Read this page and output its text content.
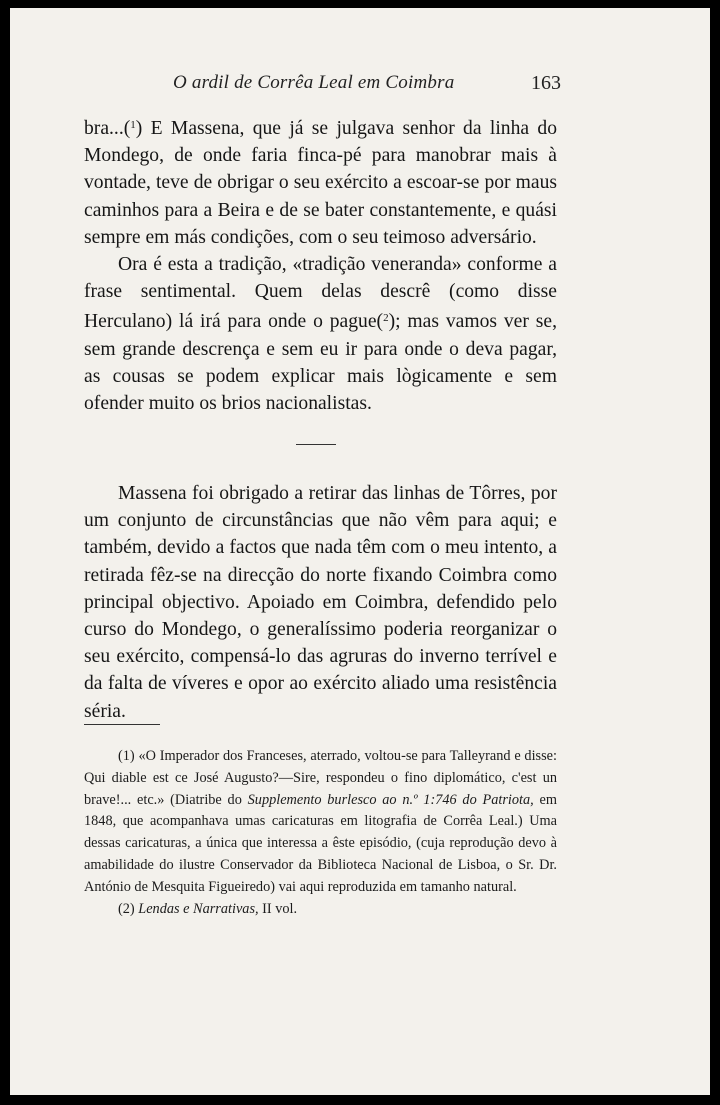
O ardil de Corrêa Leal em Coimbra	163

bra...($^1$) E Massena, que já se julgava senhor da linha do Mondego, de onde faria finca-pé para manobrar mais à vontade, teve de obrigar o seu exército a escoar-se por maus caminhos para a Beira e de se bater constantemente, e quási sempre em más condições, com o seu teimoso adversário.

Ora é esta a tradição, «tradição veneranda» conforme a frase sentimental. Quem delas descrê (como disse Herculano) lá irá para onde o pague($^2$); mas vamos ver se, sem grande descrença e sem eu ir para onde o deva pagar, as cousas se podem explicar mais lògicamente e sem ofender muito os brios nacionalistas.

Massena foi obrigado a retirar das linhas de Tôrres, por um conjunto de circunstâncias que não vêm para aqui; e também, devido a factos que nada têm com o meu intento, a retirada fêz-se na direcção do norte fixando Coimbra como principal objectivo. Apoiado em Coimbra, defendido pelo curso do Mondego, o generalíssimo poderia reorganizar o seu exército, compensá-lo das agruras do inverno terrível e da falta de víveres e opor ao exército aliado uma resistência séria.

(1) «O Imperador dos Franceses, aterrado, voltou-se para Talleyrand e disse: Qui diable est ce José Augusto?—Sire, respondeu o fino diplomático, c'est un brave!... etc.» (Diatribe do Supplemento burlesco ao n.º 1:746 do Patriota, em 1848, que acompanhava umas caricaturas em litografia de Corrêa Leal.) Uma dessas caricaturas, a única que interessa a êste episódio, (cuja reprodução devo à amabilidade do ilustre Conservador da Biblioteca Nacional de Lisboa, o Sr. Dr. António de Mesquita Figueiredo) vai aqui reproduzida em tamanho natural.

(2) Lendas e Narrativas, II vol.
